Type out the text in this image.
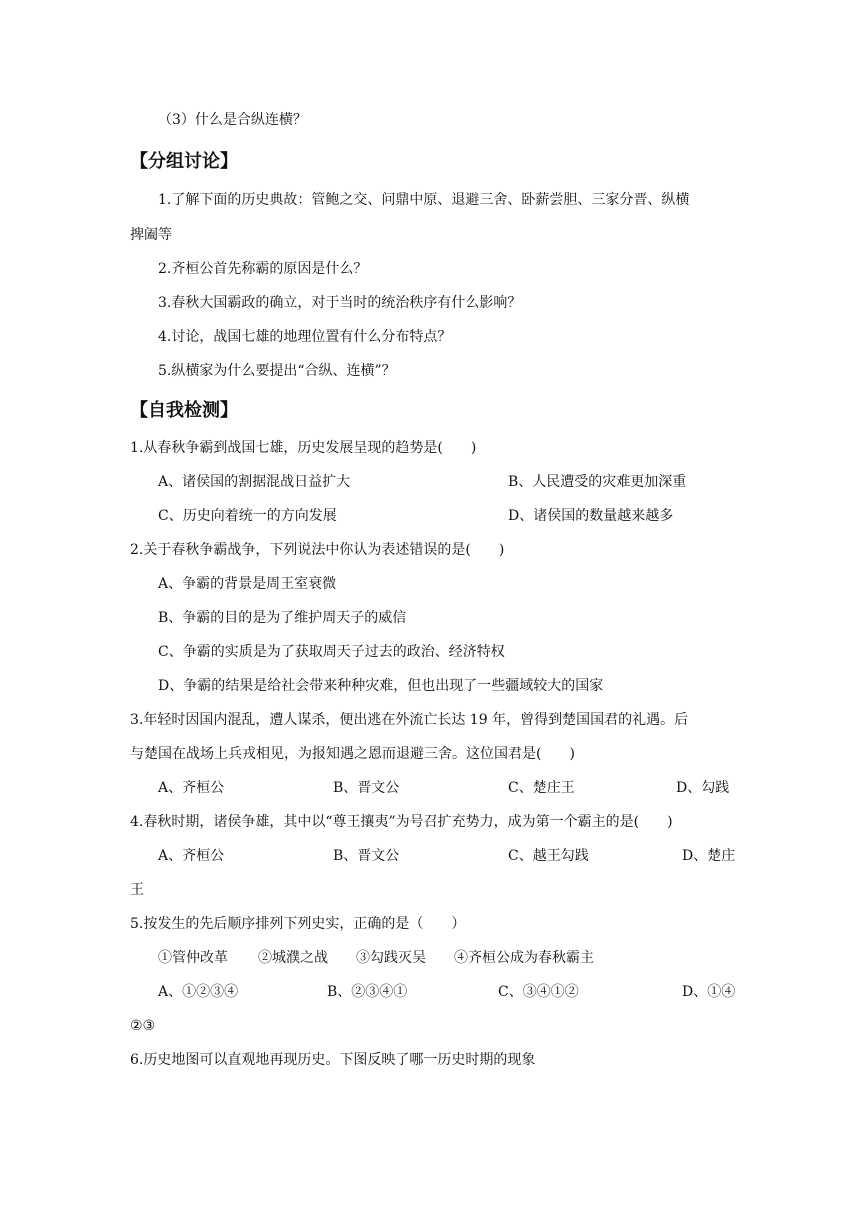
（3）什么是合纵连横？
【分组讨论】
1.了解下面的历史典故：管鲍之交、问鼎中原、退避三舍、卧薪尝胆、三家分晋、纵横
捭阖等
2.齐桓公首先称霸的原因是什么？
3.春秋大国霸政的确立，对于当时的统治秩序有什么影响？
4.讨论，战国七雄的地理位置有什么分布特点？
5.纵横家为什么要提出“合纵、连横”？
【自我检测】
1.从春秋争霸到战国七雄，历史发展呈现的趋势是(　　)
A、诸侯国的割据混战日益扩大	B、人民遭受的灾难更加深重
C、历史向着统一的方向发展	D、诸侯国的数量越来越多
2.关于春秋争霸战争，下列说法中你认为表述错误的是(　　)
A、争霸的背景是周王室衰微
B、争霸的目的是为了维护周天子的威信
C、争霸的实质是为了获取周天子过去的政治、经济特权
D、争霸的结果是给社会带来种种灾难，但也出现了一些疆域较大的国家
3.年轻时因国内混乱，遭人谋杀，便出逃在外流亡长达 19 年，曾得到楚国国君的礼遇。后
与楚国在战场上兵戎相见，为报知遇之恩而退避三舍。这位国君是(　　)
A、齐桓公	B、晋文公	C、楚庄王	D、勾践
4.春秋时期，诸侯争雄，其中以“尊王攘夷”为号召扩充势力，成为第一个霸主的是(　　)
A、齐桓公	B、晋文公	C、越王勾践	D、楚庄
王
5.按发生的先后顺序排列下列史实，正确的是（　　）
①管仲改革 ②城濮之战 ③勾践灭吴 ④齐桓公成为春秋霸主
A、①②③④	B、②③④①	C、③④①②	D、①④
②③
6.历史地图可以直观地再现历史。下图反映了哪一历史时期的现象
